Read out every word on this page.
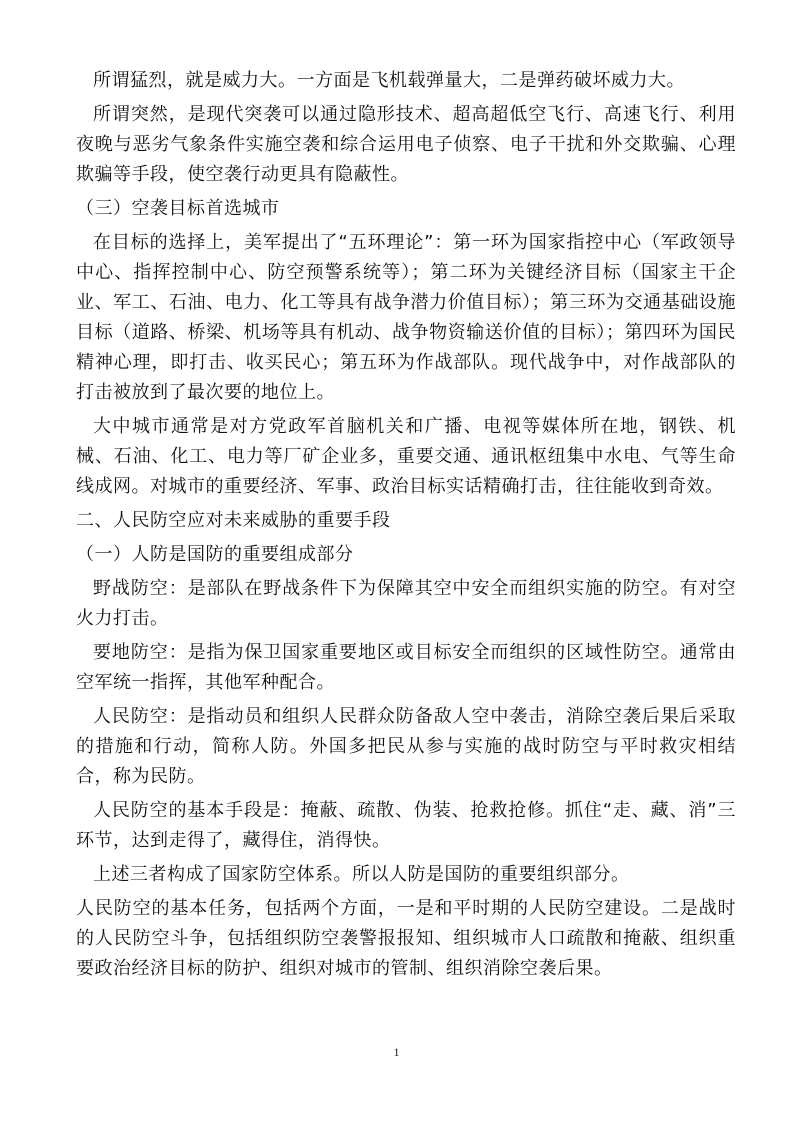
所谓猛烈，就是威力大。一方面是飞机载弹量大，二是弹药破坏威力大。

所谓突然，是现代突袭可以通过隐形技术、超高超低空飞行、高速飞行、利用夜晚与恶劣气象条件实施空袭和综合运用电子侦察、电子干扰和外交欺骗、心理欺骗等手段，使空袭行动更具有隐蔽性。

（三）空袭目标首选城市

在目标的选择上，美军提出了“五环理论”：第一环为国家指控中心（军政领导中心、指挥控制中心、防空预警系统等）；第二环为关键经济目标（国家主干企业、军工、石油、电力、化工等具有战争潜力价值目标）；第三环为交通基础设施目标（道路、桥梁、机场等具有机动、战争物资输送价值的目标）；第四环为国民精神心理，即打击、收买民心；第五环为作战部队。现代战争中，对作战部队的打击被放到了最次要的地位上。

大中城市通常是对方党政军首脑机关和广播、电视等媒体所在地，钢铁、机械、石油、化工、电力等厂矿企业多，重要交通、通讯枢纽集中水电、气等生命线成网。对城市的重要经济、军事、政治目标实话精确打击，往往能收到奇效。

二、人民防空应对未来威胁的重要手段

（一）人防是国防的重要组成部分

野战防空：是部队在野战条件下为保障其空中安全而组织实施的防空。有对空火力打击。

要地防空：是指为保卫国家重要地区或目标安全而组织的区域性防空。通常由空军统一指挥，其他军种配合。

人民防空：是指动员和组织人民群众防备敌人空中袭击，消除空袭后果后采取的措施和行动，简称人防。外国多把民从参与实施的战时防空与平时救灾相结合，称为民防。

人民防空的基本手段是：掩蔽、疏散、伪装、抢救抢修。抓住“走、藏、消”三环节，达到走得了，藏得住，消得快。

上述三者构成了国家防空体系。所以人防是国防的重要组织部分。

人民防空的基本任务，包括两个方面，一是和平时期的人民防空建设。二是战时的人民防空斗争，包括组织防空袭警报报知、组织城市人口疏散和掩蔽、组织重要政治经济目标的防护、组织对城市的管制、组织消除空袭后果。

1
